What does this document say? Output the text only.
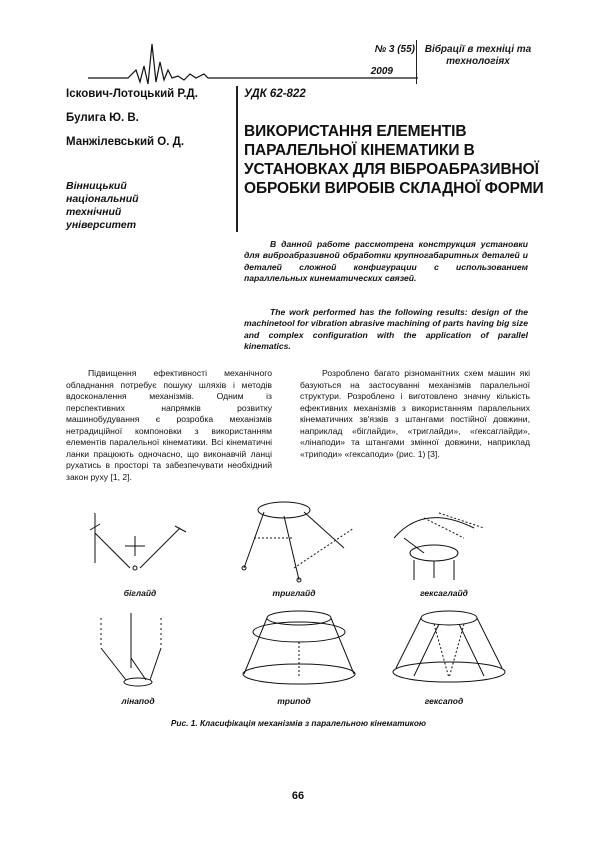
№ 3 (55)
2009
Вібрації в техніці та технологіях
Іскович-Лотоцький Р.Д.
Булига Ю. В.
Манжілевський О. Д.
Вінницький національний технічний університет
УДК 62-822
ВИКОРИСТАННЯ ЕЛЕМЕНТІВ ПАРАЛЕЛЬНОЇ КІНЕМАТИКИ В УСТАНОВКАХ ДЛЯ ВІБРОАБРАЗИВНОЇ ОБРОБКИ ВИРОБІВ СКЛАДНОЇ ФОРМИ
В данной работе рассмотрена конструкция установки для виброабразивной обработки крупногабаритных деталей и деталей сложной конфигурации с использованием параллельных кинематических связей.
The work performed has the following results: design of the machinetool for vibration abrasive machining of parts having big size and complex configuration with the application of parallel kinematics.
Підвищення ефективності механічного обладнання потребує пошуку шляхів і методів вдосконалення механізмів. Одним із перспективних напрямків розвитку машинобудування є розробка механізмів нетрадиційної компоновки з використанням елементів паралельної кінематики. Всі кінематичні ланки працюють одночасно, що виконавчій ланці рухатись в просторі та забезпечувати необхідний закон руху [1, 2].
Розроблено багато різноманітних схем машин які базуються на застосуванні механізмів паралельної структури. Розроблено і виготовлено значну кількість ефективних механізмів з використанням паралельних кінематичних зв'язків з штангами постійної довжини, наприклад «біглайди», «триглайди», «гексаглайди», «лінаподи» та штангами змінної довжини, наприклад «триподи» «гексаподи» (рис. 1) [3].
біглайд	триглайд	гексаглайд
лінапод	трипод	гексапод
Рис. 1. Класифікація механізмів з паралельною кінематикою
66
